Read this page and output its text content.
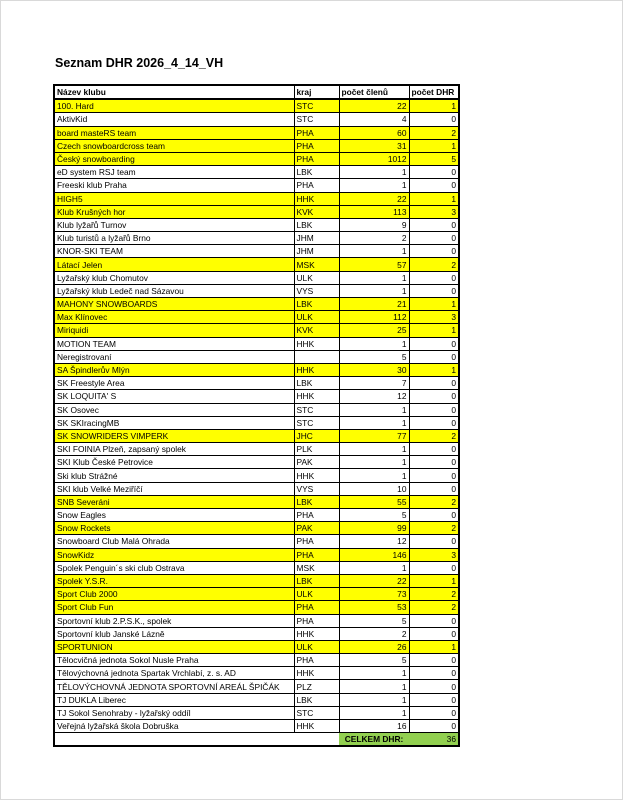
Seznam DHR 2026_4_14_VH
Název klubu	kraj	počet členů	počet DHR
100. Hard	STC	22	1
AktivKid	STC	4	0
board masteRS team	PHA	60	2
Czech snowboardcross team	PHA	31	1
Český snowboarding	PHA	1012	5
eD system RSJ team	LBK	1	0
Freeski klub Praha	PHA	1	0
HIGH5	HHK	22	1
Klub Krušných hor	KVK	113	3
Klub lyžařů Turnov	LBK	9	0
Klub turistů a lyžařů Brno	JHM	2	0
KNOR-SKI TEAM	JHM	1	0
Látací Jelen	MSK	57	2
Lyžařský klub Chomutov	ULK	1	0
Lyžařský klub Ledeč nad Sázavou	VYS	1	0
MAHONY SNOWBOARDS	LBK	21	1
Max Klínovec	ULK	112	3
Miriquidi	KVK	25	1
MOTION TEAM	HHK	1	0
Neregistrovaní		5	0
SA Špindlerův Mlýn	HHK	30	1
SK Freestyle Area	LBK	7	0
SK LOQUITA' S	HHK	12	0
SK Osovec	STC	1	0
SK SKIracingMB	STC	1	0
SK SNOWRIDERS VIMPERK	JHC	77	2
SKI FOINIA Plzeň, zapsaný spolek	PLK	1	0
SKI Klub České Petrovice	PAK	1	0
Ski klub Strážné	HHK	1	0
SKI klub Velké Meziříčí	VYS	10	0
SNB Severáni	LBK	55	2
Snow Eagles	PHA	5	0
Snow Rockets	PAK	99	2
Snowboard Club Malá Ohrada	PHA	12	0
SnowKidz	PHA	146	3
Spolek Penguin´s ski club Ostrava	MSK	1	0
Spolek Y.S.R.	LBK	22	1
Sport Club 2000	ULK	73	2
Sport Club Fun	PHA	53	2
Sportovní klub 2.P.S.K., spolek	PHA	5	0
Sportovní klub Janské Lázně	HHK	2	0
SPORTUNION	ULK	26	1
Tělocvičná jednota Sokol Nusle Praha	PHA	5	0
Tělovýchovná jednota Spartak Vrchlabí, z. s. AD	HHK	1	0
TĚLOVÝCHOVNÁ JEDNOTA SPORTOVNÍ AREÁL ŠPIČÁK	PLZ	1	0
TJ DUKLA Liberec	LBK	1	0
TJ Sokol Senohraby - lyžařský oddíl	STC	1	0
Veřejná lyžařská škola Dobruška	HHK	16	0
		CELKEM DHR:	36
